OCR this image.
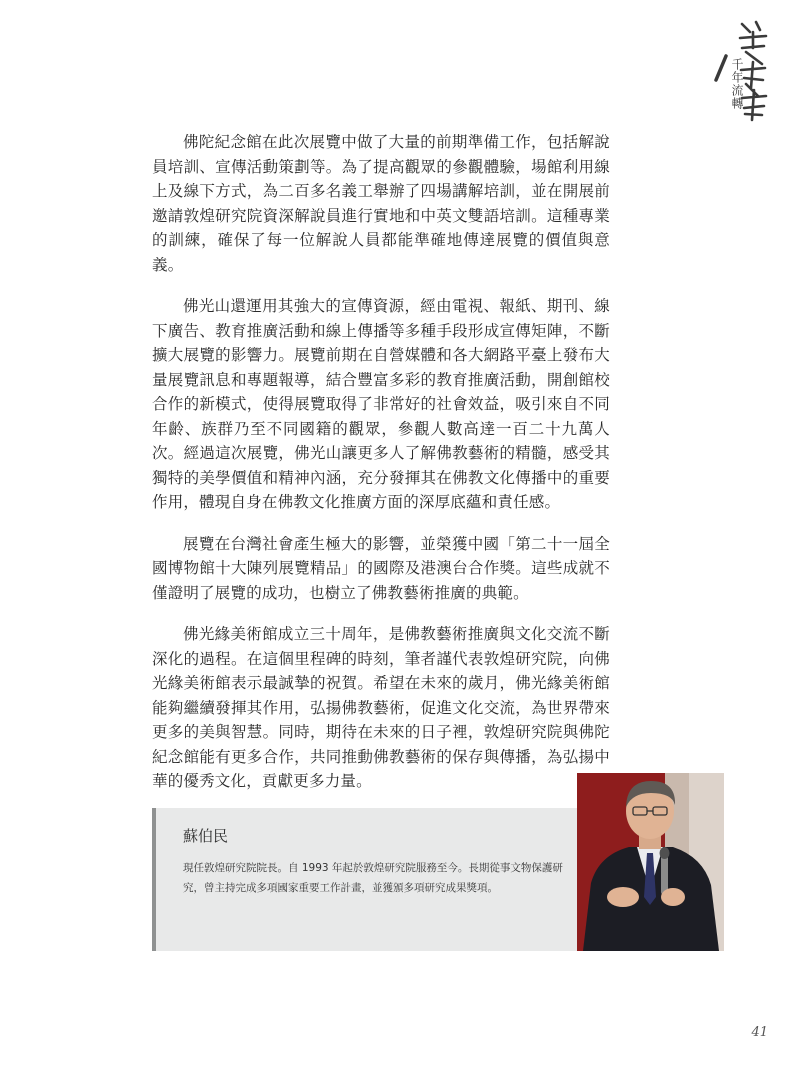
千年流轉

佛陀紀念館在此次展覽中做了大量的前期準備工作，包括解說員培訓、宣傳活動策劃等。為了提高觀眾的參觀體驗，場館利用線上及線下方式，為二百多名義工舉辦了四場講解培訓，並在開展前邀請敦煌研究院資深解說員進行實地和中英文雙語培訓。這種專業的訓練，確保了每一位解說人員都能準確地傳達展覽的價值與意義。

佛光山還運用其強大的宣傳資源，經由電視、報紙、期刊、線下廣告、教育推廣活動和線上傳播等多種手段形成宣傳矩陣，不斷擴大展覽的影響力。展覽前期在自營媒體和各大網路平臺上發布大量展覽訊息和專題報導，結合豐富多彩的教育推廣活動，開創館校合作的新模式，使得展覽取得了非常好的社會效益，吸引來自不同年齡、族群乃至不同國籍的觀眾，參觀人數高達一百二十九萬人次。經過這次展覽，佛光山讓更多人了解佛教藝術的精髓，感受其獨特的美學價值和精神內涵，充分發揮其在佛教文化傳播中的重要作用，體現自身在佛教文化推廣方面的深厚底蘊和責任感。

展覽在台灣社會產生極大的影響，並榮獲中國「第二十一屆全國博物館十大陳列展覽精品」的國際及港澳台合作獎。這些成就不僅證明了展覽的成功，也樹立了佛教藝術推廣的典範。

佛光緣美術館成立三十周年，是佛教藝術推廣與文化交流不斷深化的過程。在這個里程碑的時刻，筆者謹代表敦煌研究院，向佛光緣美術館表示最誠摯的祝賀。希望在未來的歲月，佛光緣美術館能夠繼續發揮其作用，弘揚佛教藝術，促進文化交流，為世界帶來更多的美與智慧。同時，期待在未來的日子裡，敦煌研究院與佛陀紀念館能有更多合作，共同推動佛教藝術的保存與傳播，為弘揚中華的優秀文化，貢獻更多力量。

蘇伯民
現任敦煌研究院院長。自 1993 年起於敦煌研究院服務至今。長期從事文物保護研究，曾主持完成多項國家重要工作計畫，並獲頒多項研究成果獎項。
41
